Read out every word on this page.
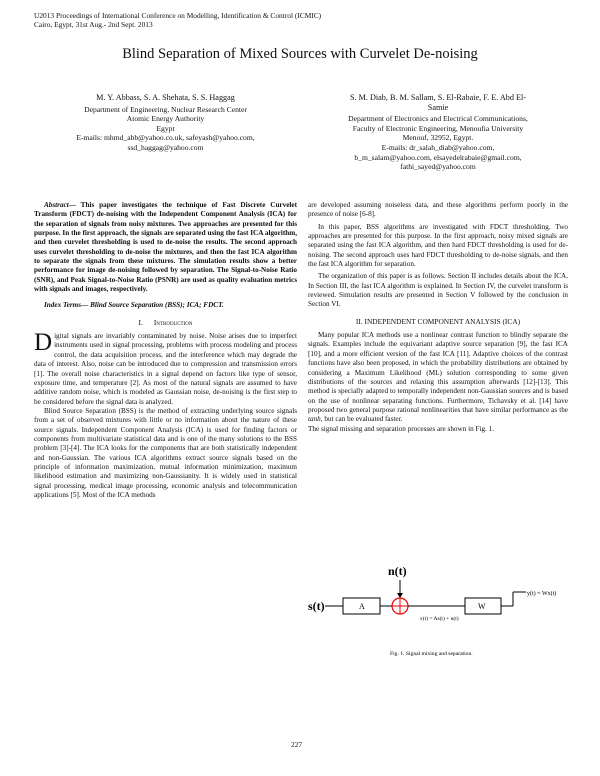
U2013 Proceedings of International Conference on Modelling, Identification & Control (ICMIC)
Cairo, Egypt, 31st Aug.- 2nd Sept. 2013
Blind Separation of Mixed Sources with Curvelet De-noising
M. Y. Abbass, S. A. Shehata, S. S. Haggag
Department of Engineering, Nuclear Research Center
Atomic Energy Authority
Egypt
E-mails: mhmd_abb@yahoo.co.uk, safeyash@yahoo.com,
ssd_haggag@yahoo.com
S. M. Diab, B. M. Sallam, S. El-Rabaie, F. E. Abd El-
Samie
Department of Electronics and Electrical Communications,
Faculty of Electronic Engineering, Menoufia University
Menouf, 32952, Egypt.
E-mails: dr_salah_diab@yahoo.com,
b_m_salam@yahoo.com, elsayedelrabaie@gmail.com,
fathi_sayed@yahoo.com

Abstract— This paper investigates the technique of Fast Discrete Curvelet Transform (FDCT) de-noising with the Independent Component Analysis (ICA) for the separation of signals from noisy mixtures. Two approaches are presented for this purpose. In the first approach, the signals are separated using the fast ICA algorithm, and then curvelet thresholding is used to de-noise the results. The second approach uses curvelet thresholding to de-noise the mixtures, and then the fast ICA algorithm to separate the signals from these mixtures. The simulation results show a better performance for image de-noising followed by separation. The Signal-to-Noise Ratio (SNR), and Peak Signal-to-Noise Ratio (PSNR) are used as quality evaluation metrics with signals and images, respectively.

Index Terms— Blind Source Separation (BSS); ICA; FDCT.

I. Introduction

Digital signals are invariably contaminated by noise. Noise arises due to imperfect instruments used in signal processing, problems with process modeling and process control, the data acquisition process, and the interference which may degrade the data of interest. Also, noise can be introduced due to compression and transmission errors [1]. The overall noise characteristics in a signal depend on factors like type of sensor, exposure time, and temperature [2]. As most of the natural signals are assumed to have additive random noise, which is modeled as Gaussian noise, de-noising is the first step to be considered before the signal data is analyzed.

Blind Source Separation (BSS) is the method of extracting underlying source signals from a set of observed mixtures with little or no information about the nature of these source signals. Independent Component Analysis (ICA) is used for finding factors or components from multivariate statistical data and is one of the many solutions to the BSS problem [3]-[4]. The ICA looks for the components that are both statistically independent and non-Gaussian. The various ICA algorithms extract source signals based on the principle of information maximization, mutual information minimization, maximum likelihood estimation and maximizing non-Gaussianity. It is widely used in statistical signal processing, medical image processing, economic analysis and telecommunication applications [5]. Most of the ICA methods

are developed assuming noiseless data, and these algorithms perform poorly in the presence of noise [6-8].

In this paper, BSS algorithms are investigated with FDCT thresholding. Two approaches are presented for this purpose. In the first approach, noisy mixed signals are separated using the fast ICA algorithm, and then hard FDCT thresholding is used for de-noising. The second approach uses hard FDCT thresholding to de-noise signals, and then the fast ICA algorithm for separation.

The organization of this paper is as follows. Section II includes details about the ICA. In Section III, the fast ICA algorithm is explained. In Section IV, the curvelet transform is reviewed. Simulation results are presented in Section V followed by the conclusion in Section VI.

II. INDEPENDENT COMPONENT ANALYSIS (ICA)

Many popular ICA methods use a nonlinear contrast function to blindly separate the signals. Examples include the equivariant adaptive source separation [9], the fast ICA [10], and a more efficient version of the fast ICA [11]. Adaptive choices of the contrast functions have also been proposed, in which the probability distributions are obtained by considering a Maximum Likelihood (ML) solution corresponding to some given distributions of the sources and relaxing this assumption afterwards [12]-[13]. This method is specially adapted to temporally independent non-Gaussian sources and is based on the use of nonlinear separating functions. Furthermore, Tichavsky et al. [14] have proposed two general purpose rational nonlinearities that have similar performance as the tanh, but can be evaluated faster.

The signal missing and separation processes are shown in Fig. 1.

n(t)
s(t)	A	W
y(t) = Wx(t)
x(t) = As(t) + n(t)
Fig. 1. Signal mixing and separation.
227
